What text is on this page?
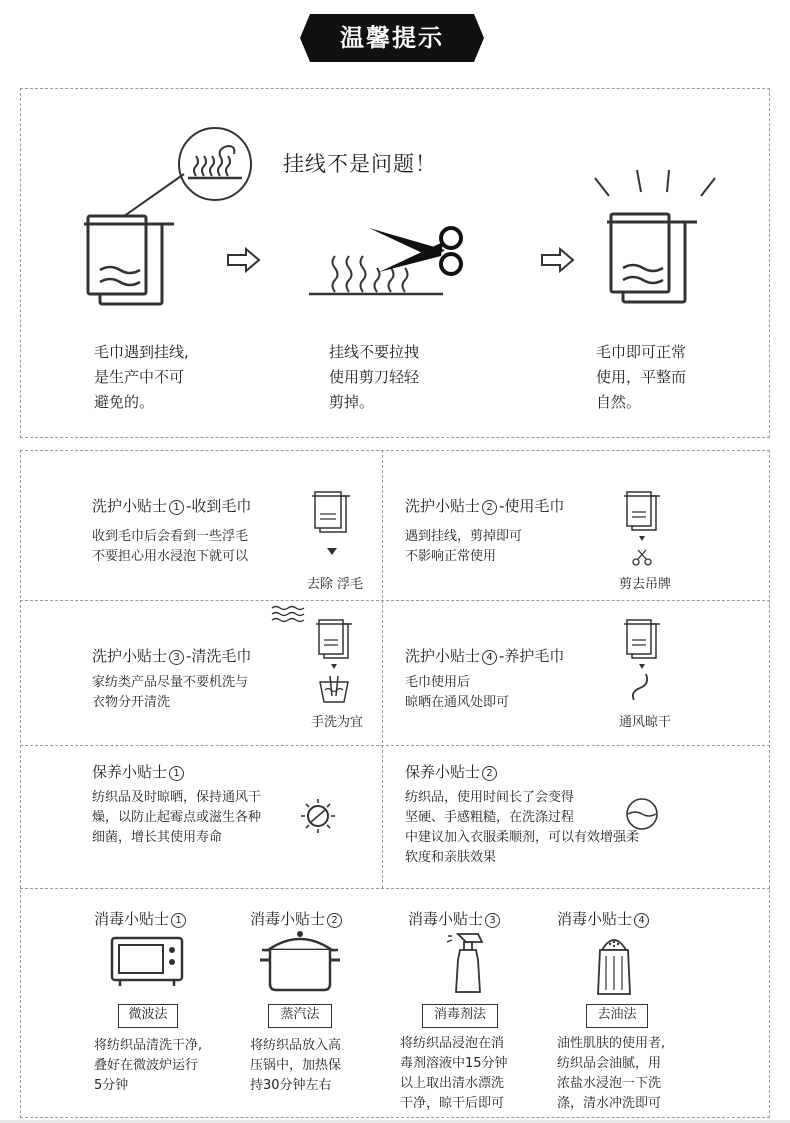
温馨提示
挂线不是问题！
毛巾遇到挂线,
是生产中不可
避免的。
挂线不要拉拽
使用剪刀轻轻
剪掉。
毛巾即可正常
使用，平整而
自然。
洗护小贴士 1 -收到毛巾
收到毛巾后会看到一些浮毛
不要担心用水浸泡下就可以
去除 浮毛
洗护小贴士 2 -使用毛巾
遇到挂线，剪掉即可
不影响正常使用
剪去吊牌
洗护小贴士 3 -清洗毛巾
家纺类产品尽量不要机洗与
衣物分开清洗
手洗为宜
洗护小贴士 4 -养护毛巾
毛巾使用后
晾晒在通风处即可
通风晾干
保养小贴士 1
纺织品及时晾晒，保持通风干
燥，以防止起霉点或滋生各种
细菌，增长其使用寿命
保养小贴士 2
纺织品，使用时间长了会变得
坚硬、手感粗糙，在洗涤过程
中建议加入衣服柔顺剂，可以有效增强柔
软度和亲肤效果
消毒小贴士 1
微波法
将纺织品清洗干净,
叠好在微波炉运行
5分钟
消毒小贴士 2
蒸汽法
将纺织品放入高
压锅中，加热保
持30分钟左右
消毒小贴士 3
消毒剂法
将纺织品浸泡在消
毒剂溶液中15分钟
以上取出清水漂洗
干净，晾干后即可
消毒小贴士 4
去油法
油性肌肤的使用者,
纺织品会油腻，用
浓盐水浸泡一下洗
涤，清水冲洗即可
